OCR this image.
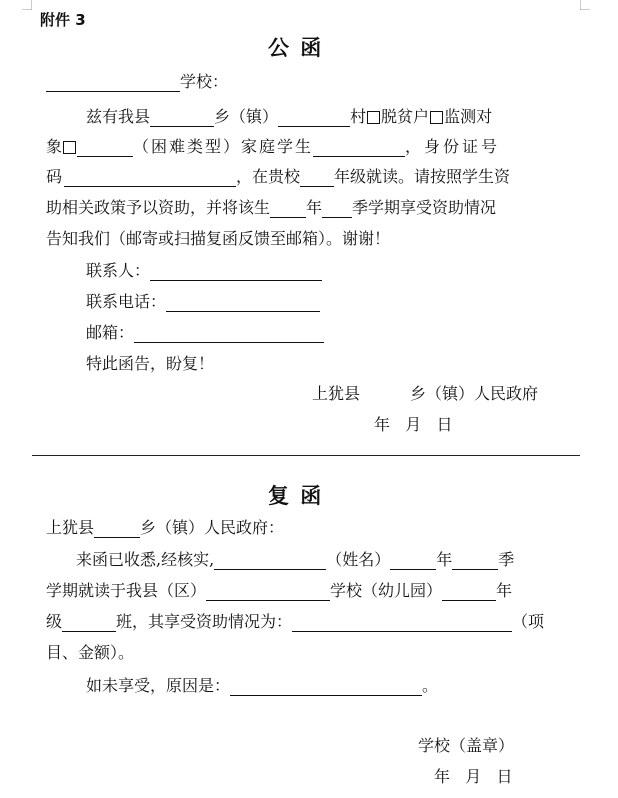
附件 3
公 函
学校：
兹有我县	乡（镇）	村 脱贫户 监测对
象	（困难类型）家庭学生	，身份证号
码	，在贵校 年级就读。请按照学生资
助相关政策予以资助，并将该生 年 季学期享受资助情况
告知我们（邮寄或扫描复函反馈至邮箱）。谢谢！
联系人：
联系电话：
邮箱：
特此函告，盼复！
上犹县	乡（镇）人民政府
年   月   日
复 函
上犹县	乡（镇）人民政府：
来函已收悉,经核实,	（姓名）	年	季
学期就读于我县（区）	学校（幼儿园）	年
级	班，其享受资助情况为：	（项
目、金额）。
如未享受，原因是：	。
学校（盖章）
年   月   日
